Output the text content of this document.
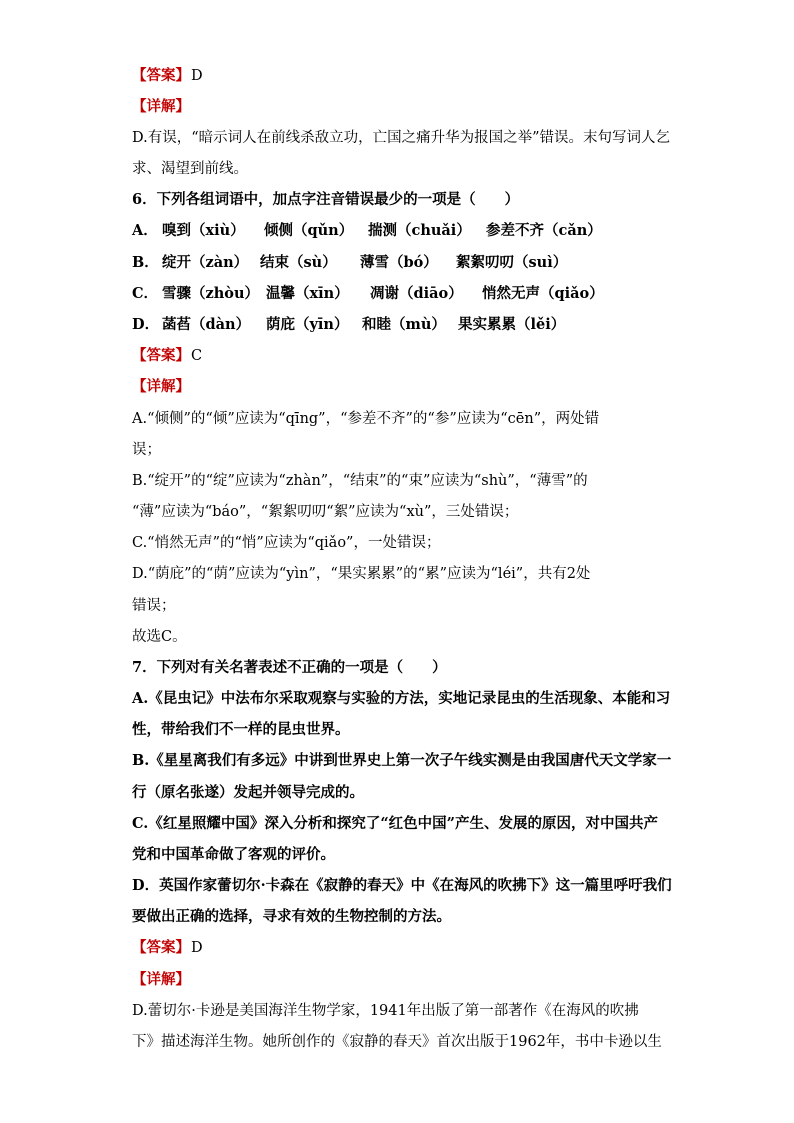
【答案】D
【详解】
D.有误，“暗示词人在前线杀敌立功，亡国之痛升华为报国之举”错误。末句写词人乞
求、渴望到前线。
6．下列各组词语中，加点字注音错误最少的一项是（　　）
A． 嗅到（xiù） 倾侧（qǔn） 揣测（chuǎi） 参差不齐（cǎn）
B． 绽开（zàn） 结束（sù） 薄雪（bó） 絮絮叨叨（suì）
C． 雪骤（zhòu） 温馨（xīn） 凋谢（diāo） 悄然无声（qiǎo）
D． 菡萏（dàn） 荫庇（yīn） 和睦（mù） 果实累累（lěi）
【答案】C
【详解】
A.“倾侧”的“倾”应读为“qīng”，“参差不齐”的“参”应读为“cēn”，两处错
误；
B.“绽开”的“绽”应读为“zhàn”，“结束”的“束”应读为“shù”，“薄雪”的
“薄”应读为“báo”，“絮絮叨叨“絮”应读为“xù”，三处错误；
C.“悄然无声”的“悄”应读为“qiǎo”，一处错误；
D.“荫庇”的“荫”应读为“yìn”，“果实累累”的“累”应读为“léi”，共有2处
错误；
故选C。
7．下列对有关名著表述不正确的一项是（　　）
A.《昆虫记》中法布尔采取观察与实验的方法，实地记录昆虫的生活现象、本能和习
性，带给我们不一样的昆虫世界。
B.《星星离我们有多远》中讲到世界史上第一次子午线实测是由我国唐代天文学家一
行（原名张遂）发起并领导完成的。
C.《红星照耀中国》深入分析和探究了“红色中国”产生、发展的原因，对中国共产
党和中国革命做了客观的评价。
D．英国作家蕾切尔·卡森在《寂静的春天》中《在海风的吹拂下》这一篇里呼吁我们
要做出正确的选择，寻求有效的生物控制的方法。
【答案】D
【详解】
D.蕾切尔·卡逊是美国海洋生物学家，1941年出版了第一部著作《在海风的吹拂
下》描述海洋生物。她所创作的《寂静的春天》首次出版于1962年，书中卡逊以生
